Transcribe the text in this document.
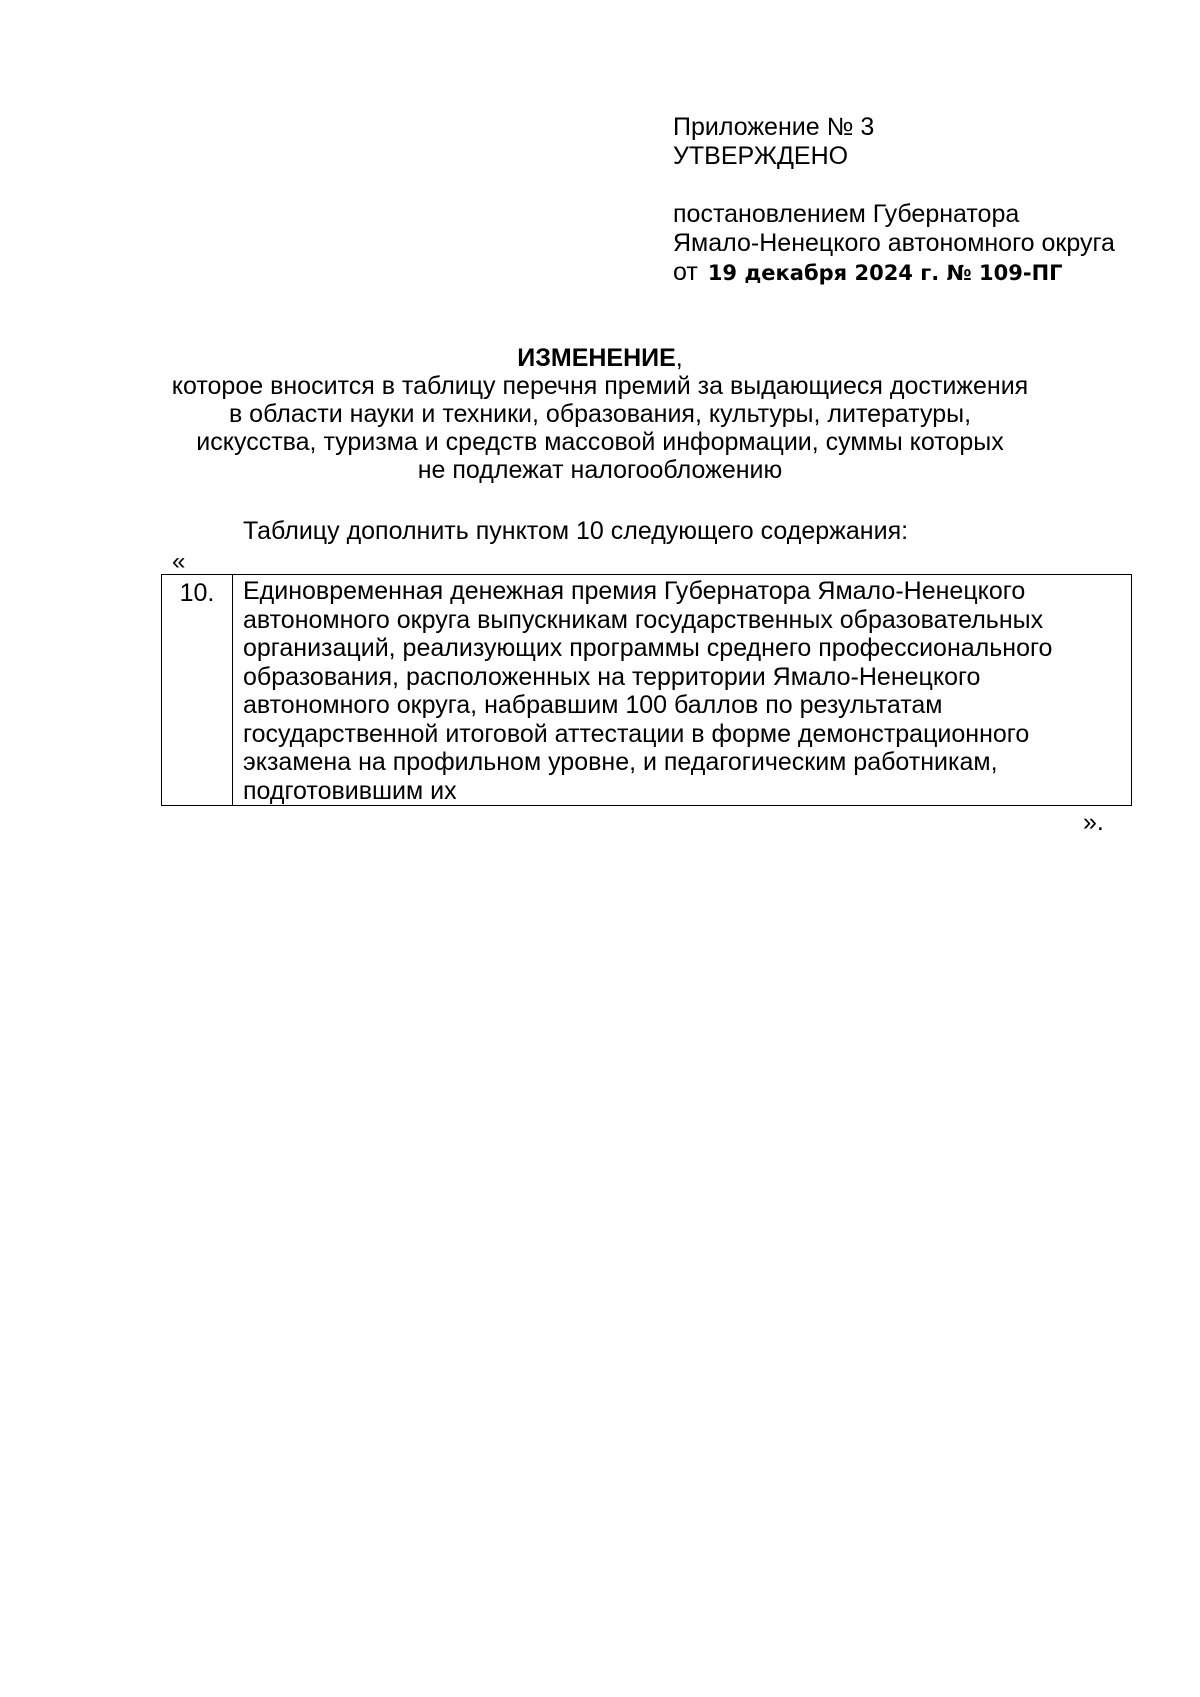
Приложение № 3
УТВЕРЖДЕНО
постановлением Губернатора
Ямало-Ненецкого автономного округа
от 19 декабря 2024 г. № 109-ПГ
ИЗМЕНЕНИЕ,
которое вносится в таблицу перечня премий за выдающиеся достижения
в области науки и техники, образования, культуры, литературы,
искусства, туризма и средств массовой информации, суммы которых
не подлежат налогообложению
Таблицу дополнить пунктом 10 следующего содержания:
«
10.	Единовременная денежная премия Губернатора Ямало-Ненецкого
автономного округа выпускникам государственных образовательных
организаций, реализующих программы среднего профессионального
образования, расположенных на территории Ямало-Ненецкого
автономного округа, набравшим 100 баллов по результатам
государственной итоговой аттестации в форме демонстрационного
экзамена на профильном уровне, и педагогическим работникам,
подготовившим их
».
